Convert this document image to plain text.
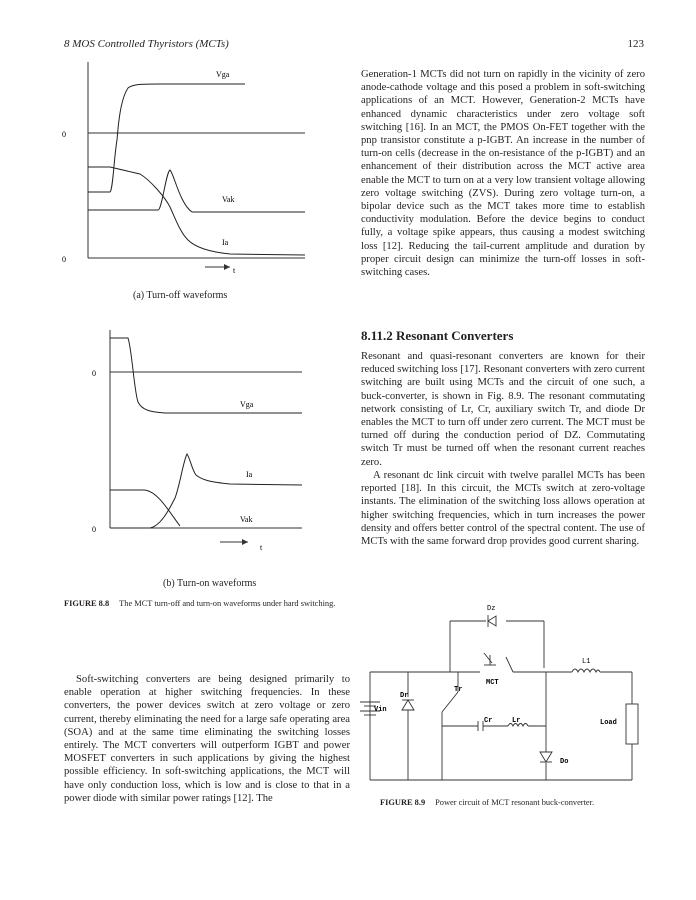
8 MOS Controlled Thyristors (MCTs)	123
Vga
Vak
Ia
t
0
0
(a) Turn-off waveforms
Vga
Ia
Vak
t
0
0
(b) Turn-on waveforms
FIGURE 8.8 The MCT turn-off and turn-on waveforms under hard switching.

Soft-switching converters are being designed primarily to enable operation at higher switching frequencies. In these converters, the power devices switch at zero voltage or zero current, thereby eliminating the need for a large safe operating area (SOA) and at the same time eliminating the switching losses entirely. The MCT converters will outperform IGBT and power MOSFET converters in such applications by giving the highest possible efficiency. In soft-switching applications, the MCT will have only conduction loss, which is low and is close to that in a power diode with similar power ratings [12]. The

Generation-1 MCTs did not turn on rapidly in the vicinity of zero anode-cathode voltage and this posed a problem in soft-switching applications of an MCT. However, Generation-2 MCTs have enhanced dynamic characteristics under zero voltage soft switching [16]. In an MCT, the PMOS On-FET together with the pnp transistor constitute a p-IGBT. An increase in the number of turn-on cells (decrease in the on-resistance of the p-IGBT) and an enhancement of their distribution across the MCT active area enable the MCT to turn on at a very low transient voltage allowing zero voltage switching (ZVS). During zero voltage turn-on, a bipolar device such as the MCT takes more time to establish conductivity modulation. Before the device begins to conduct fully, a voltage spike appears, thus causing a modest switching loss [12]. Reducing the tail-current amplitude and duration by proper circuit design can minimize the turn-off losses in soft-switching cases.

8.11.2 Resonant Converters

Resonant and quasi-resonant converters are known for their reduced switching loss [17]. Resonant converters with zero current switching are built using MCTs and the circuit of one such, a buck-converter, is shown in Fig. 8.9. The resonant commutating network consisting of Lr, Cr, auxiliary switch Tr, and diode Dr enables the MCT to turn off under zero current. The MCT must be turned off during the conduction period of DZ. Commutating switch Tr must be turned off when the resonant current reaches zero.

A resonant dc link circuit with twelve parallel MCTs has been reported [18]. In this circuit, the MCTs switch at zero-voltage instants. The elimination of the switching loss allows operation at higher switching frequencies, which in turn increases the power density and offers better control of the spectral content. The use of MCTs with the same forward drop provides good current sharing.

Dz
L1
MCT
Tr
Dr
Vin
Cr	Lr	Load
Do
FIGURE 8.9 Power circuit of MCT resonant buck-converter.
